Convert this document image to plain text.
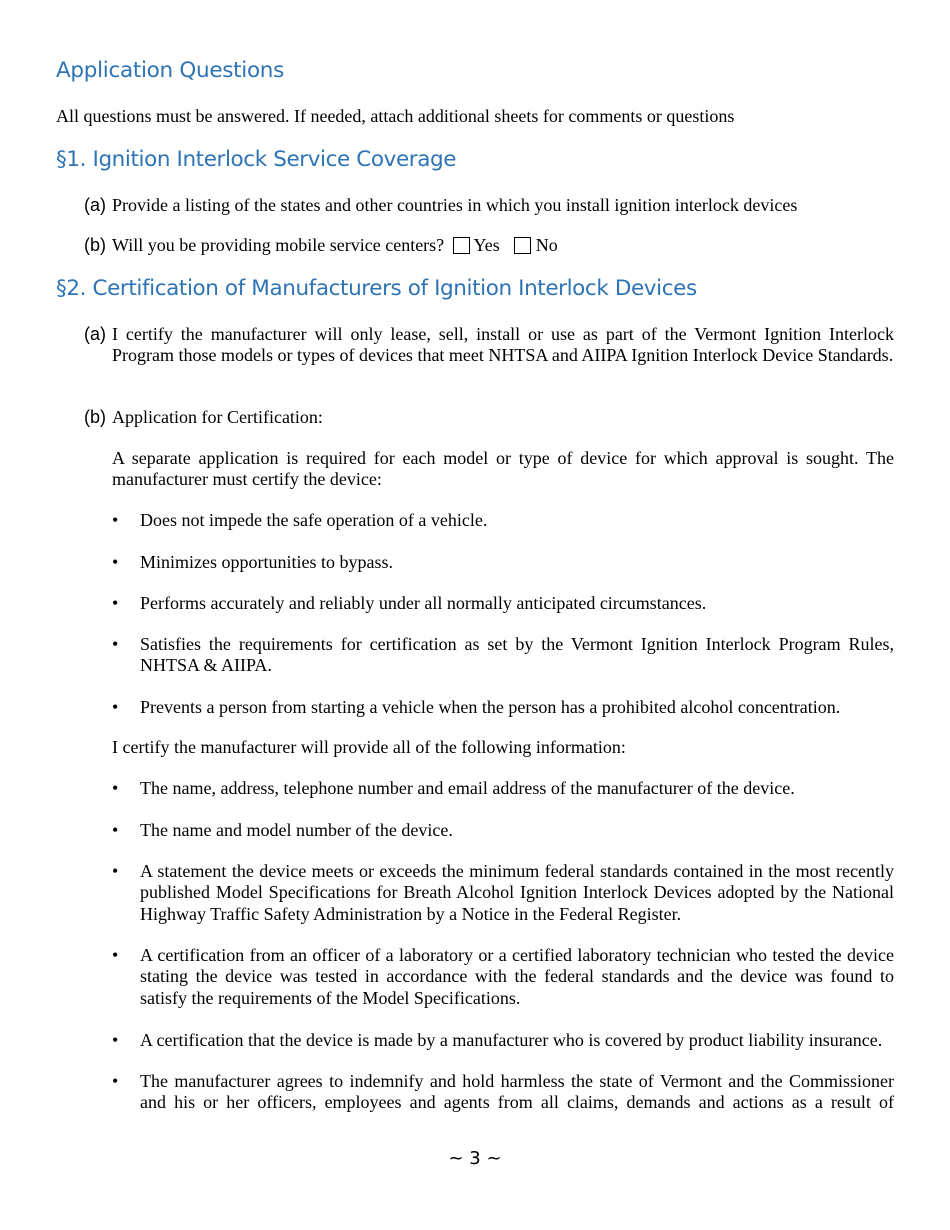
Application Questions

All questions must be answered. If needed, attach additional sheets for comments or questions

§1. Ignition Interlock Service Coverage
(a) Provide a listing of the states and other countries in which you install ignition interlock devices

(b) Will you be providing mobile service centers? Yes No

§2. Certification of Manufacturers of Ignition Interlock Devices
(a) I certify the manufacturer will only lease, sell, install or use as part of the Vermont Ignition Interlock Program those models or types of devices that meet NHTSA and AIIPA Ignition Interlock Device Standards.

(b) Application for Certification:

A separate application is required for each model or type of device for which approval is sought. The manufacturer must certify the device:

• Does not impede the safe operation of a vehicle.

• Minimizes opportunities to bypass.

• Performs accurately and reliably under all normally anticipated circumstances.

• Satisfies the requirements for certification as set by the Vermont Ignition Interlock Program Rules, NHTSA & AIIPA.

• Prevents a person from starting a vehicle when the person has a prohibited alcohol concentration.

I certify the manufacturer will provide all of the following information:

• The name, address, telephone number and email address of the manufacturer of the device.

• The name and model number of the device.

• A statement the device meets or exceeds the minimum federal standards contained in the most recently published Model Specifications for Breath Alcohol Ignition Interlock Devices adopted by the National Highway Traffic Safety Administration by a Notice in the Federal Register.

• A certification from an officer of a laboratory or a certified laboratory technician who tested the device stating the device was tested in accordance with the federal standards and the device was found to satisfy the requirements of the Model Specifications.

• A certification that the device is made by a manufacturer who is covered by product liability insurance.

• The manufacturer agrees to indemnify and hold harmless the state of Vermont and the Commissioner and his or her officers, employees and agents from all claims, demands and actions as a result of

~ 3 ~
